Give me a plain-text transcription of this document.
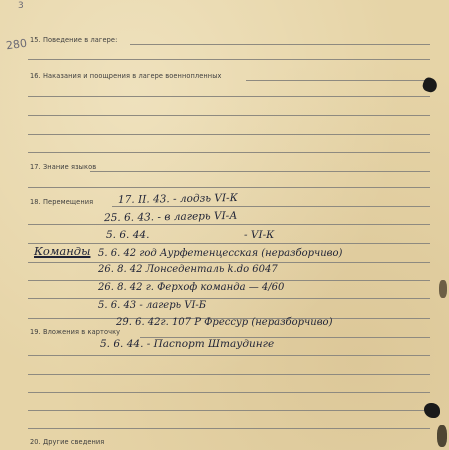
280
3
15. Поведение в лагере:
16. Наказания и поощрения в лагере военнопленных
17. Знание языков
18. Перемещения
19. Вложения в карточку
20. Другие сведения
17. II. 43. - лодзь VI-К
25. 6. 43. - в лагерь VI-А
5. 6. 44.	- VI-К
Команды 5. 6. 42 год Аурфетенцесская (неразборчиво)
26. 8. 42 Лонседенталь k.do 6047
26. 8. 42 г. Ферхоф команда — 4/60
5. 6. 43 - лагерь VI-Б
29. 6. 42г. 107 Р Фрессур (неразборчиво)
5. 6. 44. - Паспорт Штаудинге
